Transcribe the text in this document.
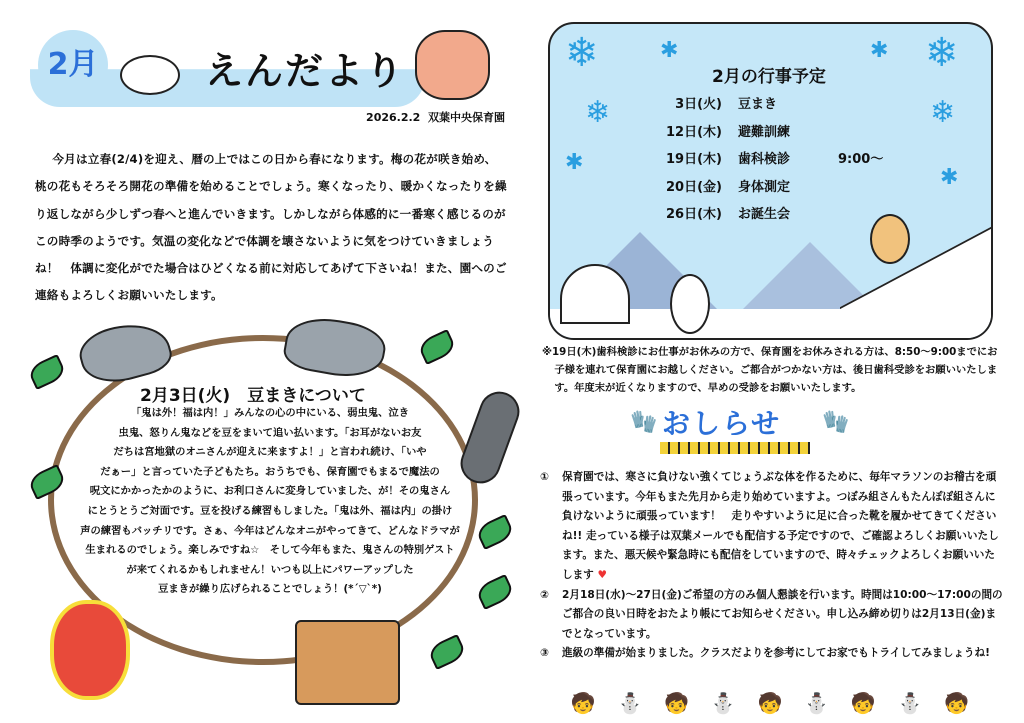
2月	えんだより
2026.2.2 双葉中央保育園

今月は立春(2/4)を迎え、暦の上ではこの日から春になります。梅の花が咲き始め、桃の花もそろそろ開花の準備を始めることでしょう。寒くなったり、暖かくなったりを繰り返しながら少しずつ春へと進んでいきます。しかしながら体感的に一番寒く感じるのがこの時季のようです。気温の変化などで体調を壊さないように気をつけていきましょうね！　体調に変化がでた場合はひどくなる前に対応してあげて下さいね！また、園へのご連絡もよろしくお願いいたします。

2月3日(火)　豆まきについて
「鬼は外！福は内！」みんなの心の中にいる、弱虫鬼、泣き
虫鬼、怒りん鬼などを豆をまいて追い払います。「お耳がないお友
だちは宮地獄のオニさんが迎えに来ますよ！」と言われ続け、「いや
だぁー」と言っていた子どもたち。おうちでも、保育園でもまるで魔法の
呪文にかかったかのように、お利口さんに変身していました、が！その鬼さん
にとうとうご対面です。豆を投げる練習もしました。「鬼は外、福は内」の掛け
声の練習もバッチリです。さぁ、今年はどんなオニがやってきて、どんなドラマが
生まれるのでしょう。楽しみですね☆　そして今年もまた、鬼さんの特別ゲスト
が来てくれるかもしれません！いつも以上にパワーアップした
豆まきが繰り広げられることでしょう！(*´▽`*)
❄	❄
❄	❄
✱	✱
✱
✱
2月の行事予定
3日(火)	豆まき
12日(木)	避難訓練
19日(木)	歯科検診	9:00～
20日(金)	身体測定
26日(木)	お誕生会

※19日(木)歯科検診にお仕事がお休みの方で、保育園をお休みされる方は、8:50～9:00までにお子様を連れて保育園にお越しください。ご都合がつかない方は、後日歯科受診をお願いいたします。年度末が近くなりますので、早めの受診をお願いいたします。

🧤 おしらせ 🧤
①	保育園では、寒さに負けない強くてじょうぶな体を作るために、毎年マラソンのお稽古を頑張っています。今年もまた先月から走り始めていますよ。つぼみ組さんもたんぽぽ組さんに負けないように頑張っています！　走りやすいように足に合った靴を履かせてきてくださいね!! 走っている様子は双葉メールでも配信する予定ですので、ご確認よろしくお願いいたします。また、悪天候や緊急時にも配信をしていますので、時々チェックよろしくお願いいたします ♥
②	2月18日(水)～27日(金)ご希望の方のみ個人懇談を行います。時間は10:00～17:00の間のご都合の良い日時をおたより帳にてお知らせください。申し込み締め切りは2月13日(金)までとなっています。
③	進級の準備が始まりました。クラスだよりを参考にしてお家でもトライしてみましょうね!
🧒 ⛄ 🧒 ⛄ 🧒 ⛄ 🧒 ⛄ 🧒
